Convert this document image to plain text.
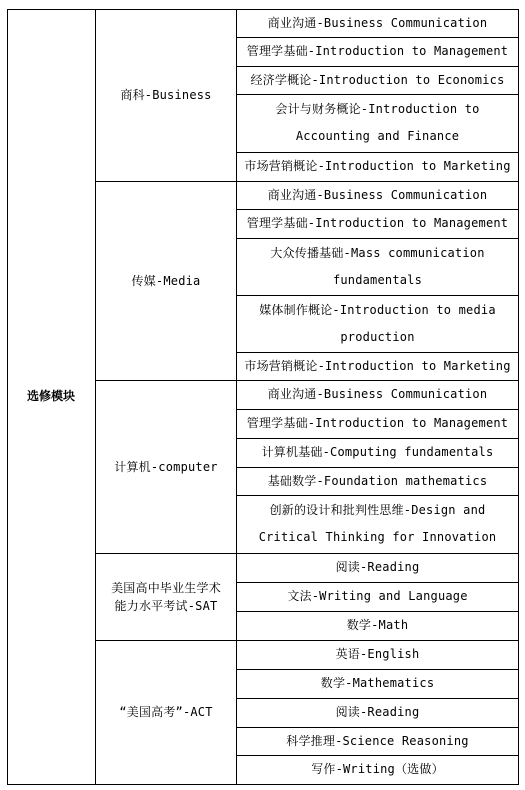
选修模块
商科-Business
商业沟通-Business Communication
管理学基础-Introduction to Management
经济学概论-Introduction to Economics
会计与财务概论-Introduction to
Accounting and Finance
市场营销概论-Introduction to Marketing
传媒-Media
商业沟通-Business Communication
管理学基础-Introduction to Management
大众传播基础-Mass communication
fundamentals
媒体制作概论-Introduction to media
production
市场营销概论-Introduction to Marketing
计算机-computer
商业沟通-Business Communication
管理学基础-Introduction to Management
计算机基础-Computing fundamentals
基础数学-Foundation mathematics
创新的设计和批判性思维-Design and
Critical Thinking for Innovation
美国高中毕业生学术
能力水平考试-SAT
阅读-Reading
文法-Writing and Language
数学-Math
“美国高考”-ACT
英语-English
数学-Mathematics
阅读-Reading
科学推理-Science Reasoning
写作-Writing（选做）
